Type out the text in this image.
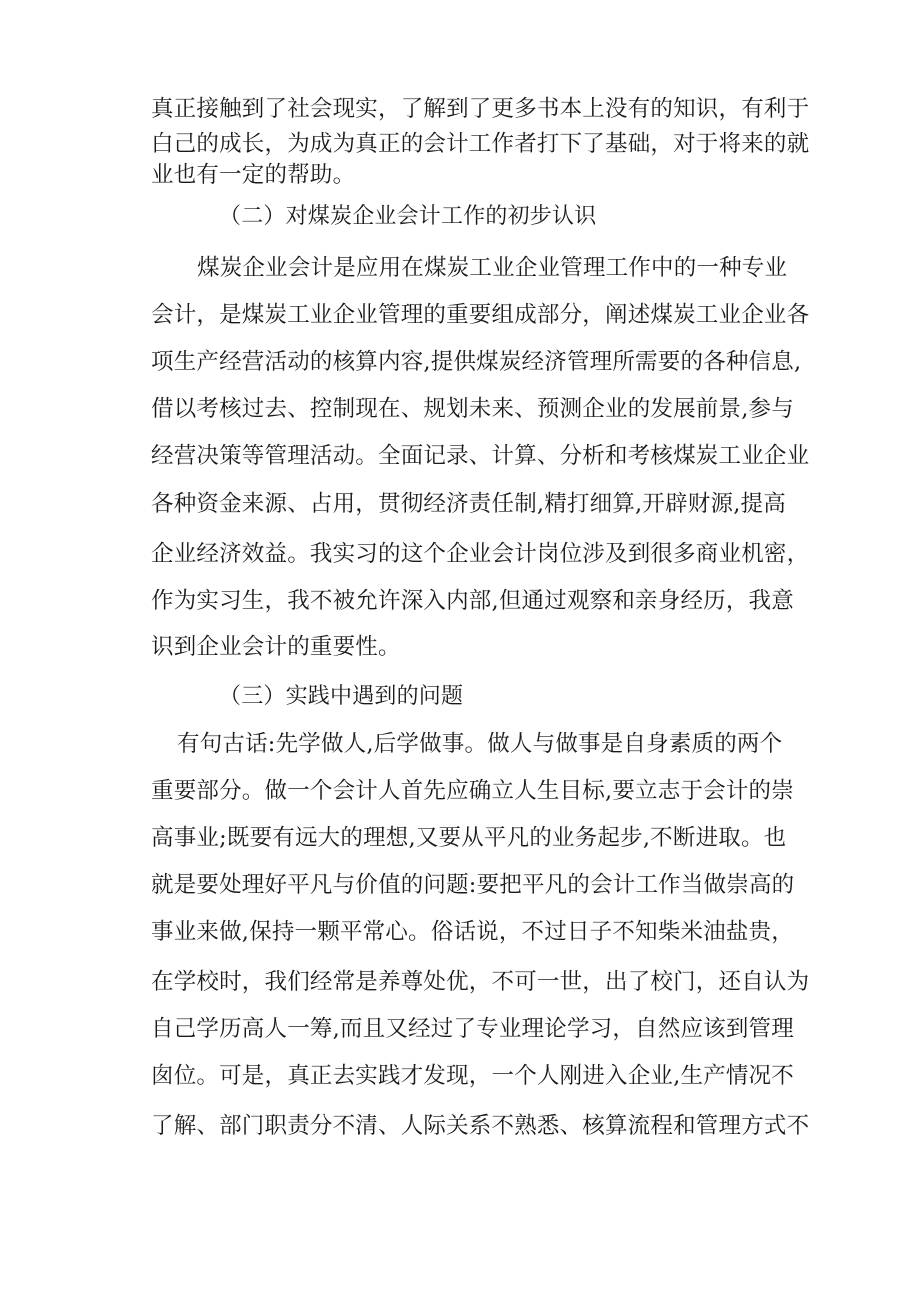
真正接触到了社会现实，了解到了更多书本上没有的知识，有利于
白己的成长，为成为真正的会计工作者打下了基础，对于将来的就
业也有一定的帮助。
（二）对煤炭企业会计工作的初步认识
煤炭企业会计是应用在煤炭工业企业管理工作中的一种专业
会计，是煤炭工业企业管理的重要组成部分，阐述煤炭工业企业各
项生产经营活动的核算内容,提供煤炭经济管理所需要的各种信息,
借以考核过去、控制现在、规划未来、预测企业的发展前景,参与
经营决策等管理活动。全面记录、计算、分析和考核煤炭工业企业
各种资金来源、占用，贯彻经济责任制,精打细算,开辟财源,提高
企业经济效益。我实习的这个企业会计岗位涉及到很多商业机密，
作为实习生，我不被允许深入内部,但通过观察和亲身经历，我意
识到企业会计的重要性。
（三）实践中遇到的问题
有句古话:先学做人,后学做事。做人与做事是自身素质的两个
重要部分。做一个会计人首先应确立人生目标,要立志于会计的崇
高事业;既要有远大的理想,又要从平凡的业务起步,不断进取。也
就是要处理好平凡与价值的问题:要把平凡的会计工作当做崇高的
事业来做,保持一颗平常心。俗话说，不过日子不知柴米油盐贵，
在学校时，我们经常是养尊处优，不可一世，出了校门，还自认为
自己学历高人一筹,而且又经过了专业理论学习，自然应该到管理
囱位。可是，真正去实践才发现，一个人刚进入企业,生产情况不
了解、部门职责分不清、人际关系不熟悉、核算流程和管理方式不
